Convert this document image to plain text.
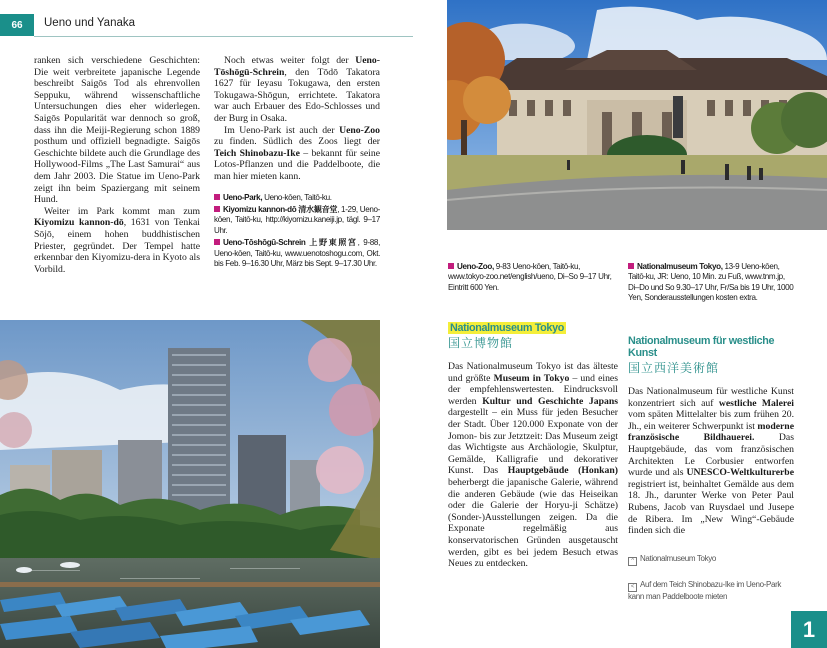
66	Ueno und Yanaka

ranken sich verschiedene Geschichten: Die weit verbreitete japanische Legende beschreibt Saigōs Tod als ehrenvollen Seppuku, während wissenschaftliche Untersuchungen dies eher widerlegen. Saigōs Popularität war dennoch so groß, dass ihn die Meiji-Regierung schon 1889 posthum und offiziell begnadigte. Saigōs Geschichte bildete auch die Grundlage des Hollywood-Films „The Last Samurai“ aus dem Jahr 2003. Die Statue im Ueno-Park zeigt ihn beim Spaziergang mit seinem Hund.

Weiter im Park kommt man zum Kiyomizu kannon-dō, 1631 von Tenkai Sōjō, einem hohen buddhistischen Priester, gegründet. Der Tempel hatte erkennbar den Kiyomizu-dera in Kyoto als Vorbild.

Noch etwas weiter folgt der Ueno-Tōshōgū-Schrein, den Tōdō Takatora 1627 für Ieyasu Tokugawa, den ersten Tokugawa-Shōgun, errichtete. Takatora war auch Erbauer des Edo-Schlosses und der Burg in Osaka.

Im Ueno-Park ist auch der Ueno-Zoo zu finden. Südlich des Zoos liegt der Teich Shinobazu-Ike – bekannt für seine Lotos-Pflanzen und die Paddelboote, die man hier mieten kann.

Ueno-Park, Ueno-kōen, Taitō-ku.

Kiyomizu kannon-dō 清水観音堂, 1-29, Ueno-kōen, Taitō-ku, http://kiyomizu.kaneiji.jp, tägl. 9–17 Uhr.

Ueno-Tōshōgū-Schrein 上野東照宮, 9-88, Ueno-kōen, Taitō-ku, www.uenotoshogu.com, Okt. bis Feb. 9–16.30 Uhr, März bis Sept. 9–17.30 Uhr.	Ueno-Zoo, 9-83 Ueno-kōen, Taitō-ku, www.tokyo-zoo.net/english/ueno, Di–So 9–17 Uhr, Eintritt 600 Yen.

Nationalmuseum Tokyo, 13-9 Ueno-kōen, Taitō-ku, JR: Ueno, 10 Min. zu Fuß, www.tnm.jp, Di–Do und So 9.30–17 Uhr, Fr/Sa bis 19 Uhr, 1000 Yen, Sonderausstellungen kosten extra.

Nationalmuseum Tokyo
国立博物館

Das Nationalmuseum Tokyo ist das älteste und größte Museum in Tokyo – und eines der empfehlenswertesten. Eindrucksvoll werden Kultur und Geschichte Japans dargestellt – ein Muss für jeden Besucher der Stadt. Über 120.000 Exponate von der Jomon- bis zur Jetztzeit: Das Museum zeigt das Wichtigste aus Archäologie, Skulptur, Gemälde, Kalligrafie und dekorativer Kunst. Das Hauptgebäude (Honkan) beherbergt die japanische Galerie, während die anderen Gebäude (wie das Heiseikan oder die Galerie der Horyu-ji Schätze) (Sonder-)Ausstellungen zeigen. Da die Exponate regelmäßig aus konservatorischen Gründen ausgetauscht werden, gibt es bei jedem Besuch etwas Neues zu entdecken.

Nationalmuseum für westliche Kunst
国立西洋美術館

Das Nationalmuseum für westliche Kunst konzentriert sich auf westliche Malerei vom späten Mittelalter bis zum frühen 20. Jh., ein weiterer Schwerpunkt ist moderne französische Bildhauerei. Das Hauptgebäude, das vom französischen Architekten Le Corbusier entworfen wurde und als UNESCO-Weltkulturerbe registriert ist, beinhaltet Gemälde aus dem 18. Jh., darunter Werke von Peter Paul Rubens, Jacob van Ruysdael und Jusepe de Ribera. Im „New Wing“-Gebäude finden sich die

^ Nationalmuseum Tokyo
< Auf dem Teich Shinobazu-Ike im Ueno-Park kann man Paddelboote mieten
1
